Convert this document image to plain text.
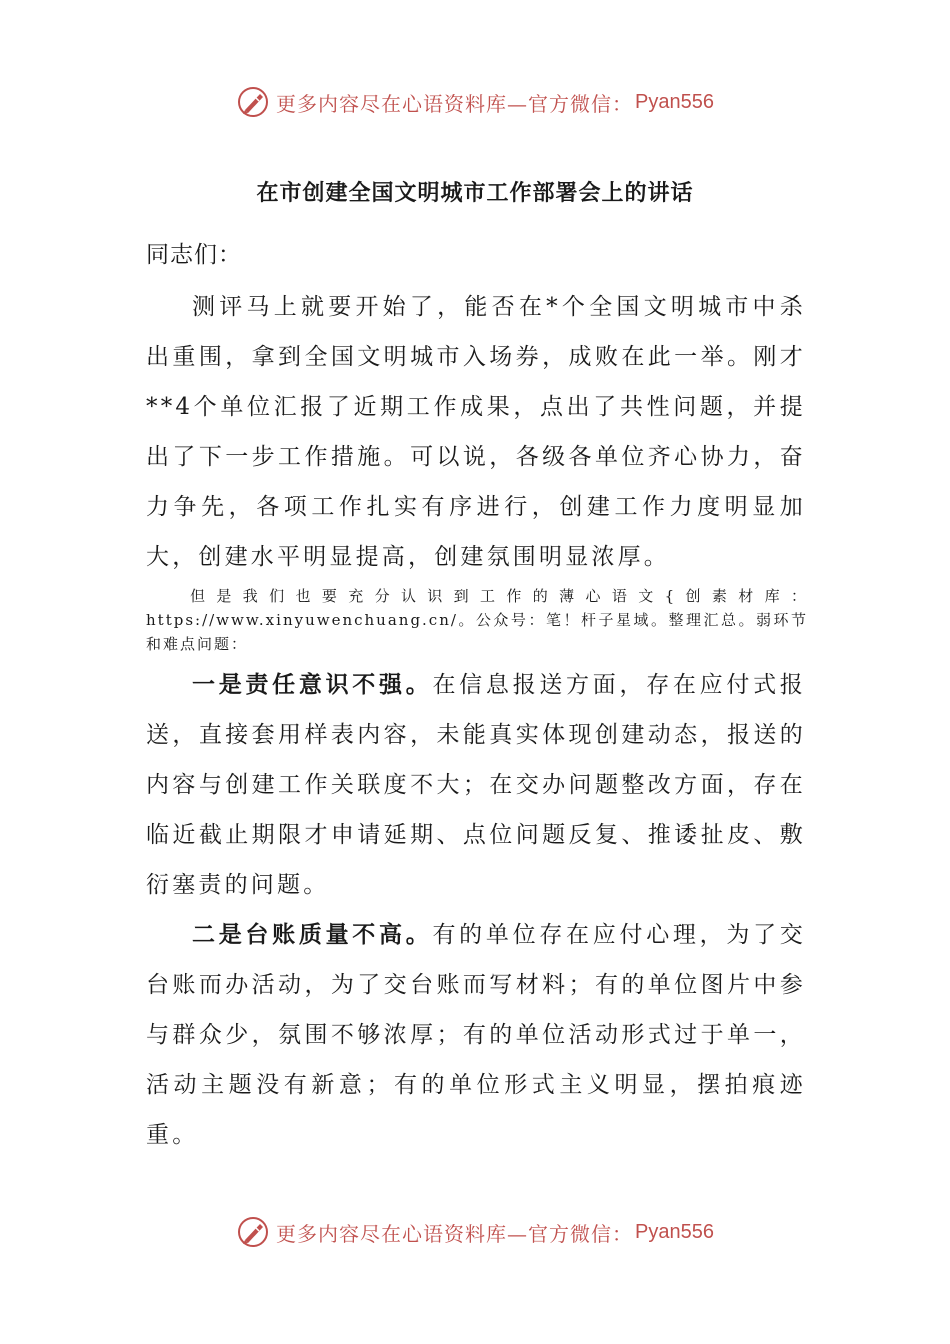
更多内容尽在心语资料库—官方微信： Pyan556
在市创建全国文明城市工作部署会上的讲话
同志们：

测评马上就要开始了，能否在*个全国文明城市中杀出重围，拿到全国文明城市入场券，成败在此一举。刚才**4个单位汇报了近期工作成果，点出了共性问题，并提出了下一步工作措施。可以说，各级各单位齐心协力，奋力争先，各项工作扎实有序进行，创建工作力度明显加大，创建水平明显提高，创建氛围明显浓厚。

但是我们也要充分认识到工作的薄心语文{创素材库：https://www.xinyuwenchuang.cn/。公众号：笔！杆子星域。整理汇总。弱环节和难点问题：

一是责任意识不强。在信息报送方面，存在应付式报送，直接套用样表内容，未能真实体现创建动态，报送的内容与创建工作关联度不大；在交办问题整改方面，存在临近截止期限才申请延期、点位问题反复、推诿扯皮、敷衍塞责的问题。

二是台账质量不高。有的单位存在应付心理，为了交台账而办活动，为了交台账而写材料；有的单位图片中参与群众少，氛围不够浓厚；有的单位活动形式过于单一，活动主题没有新意；有的单位形式主义明显，摆拍痕迹重。

更多内容尽在心语资料库—官方微信： Pyan556
